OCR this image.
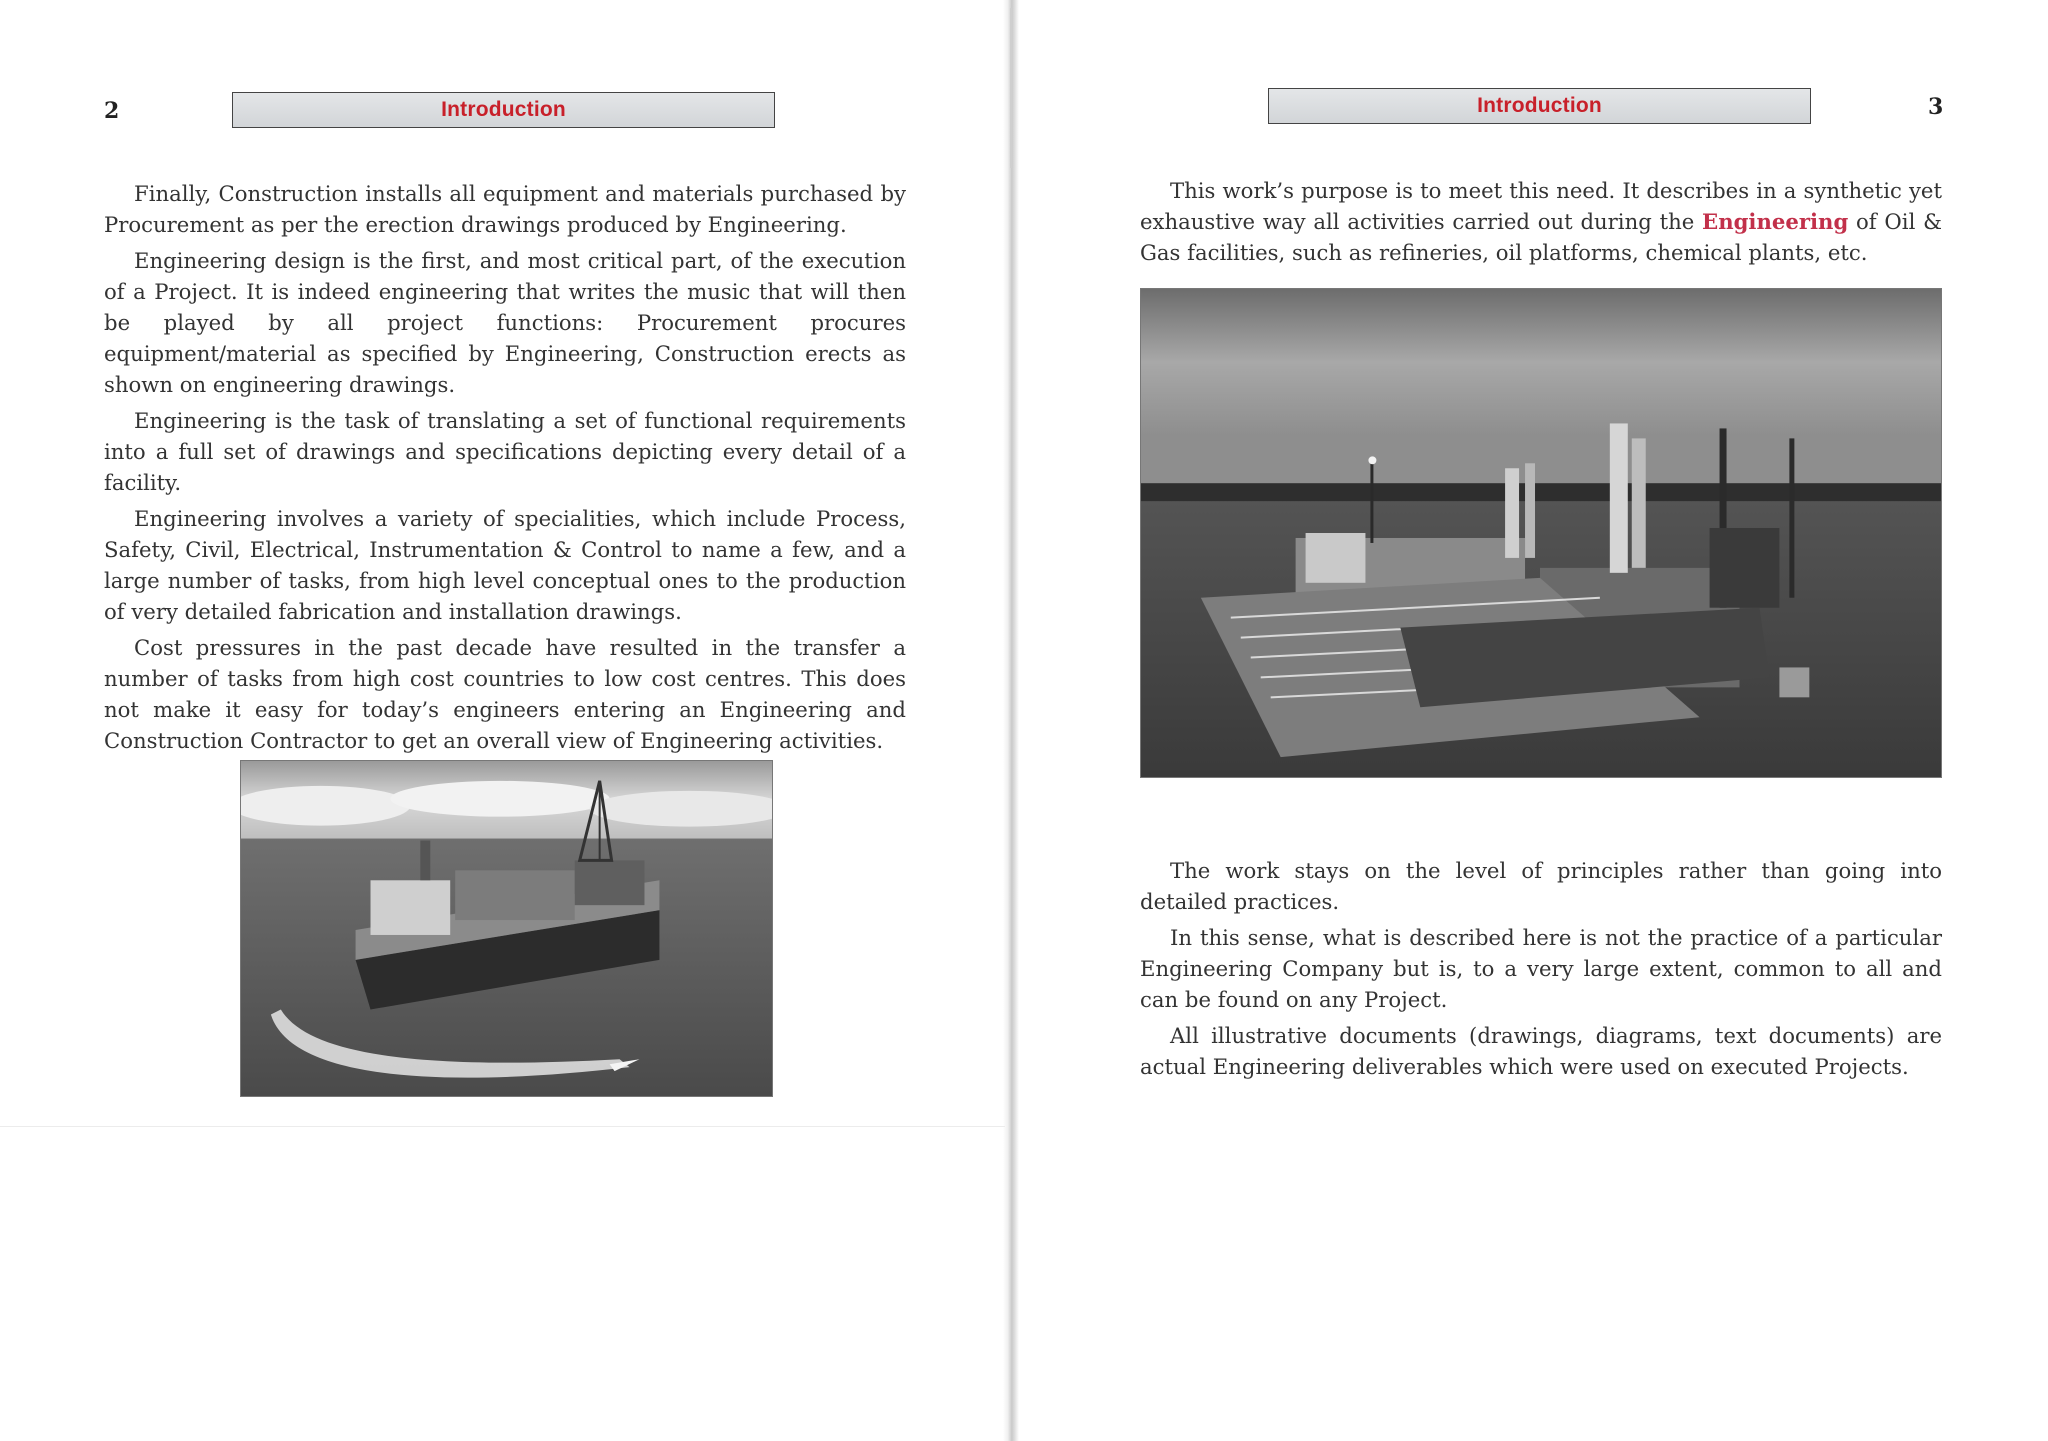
2	Introduction

Finally, Construction installs all equipment and materials purchased by Procurement as per the erection drawings produced by Engineering.

Engineering design is the first, and most critical part, of the execution of a Project. It is indeed engineering that writes the music that will then be played by all project functions: Procurement procures equipment/material as specified by Engineering, Construction erects as shown on engineering drawings.

Engineering is the task of translating a set of functional requirements into a full set of drawings and specifications depicting every detail of a facility.

Engineering involves a variety of specialities, which include Process, Safety, Civil, Electrical, Instrumentation & Control to name a few, and a large number of tasks, from high level conceptual ones to the production of very detailed fabrication and installation drawings.

Cost pressures in the past decade have resulted in the transfer a number of tasks from high cost countries to low cost centres. This does not make it easy for today’s engineers entering an Engineering and Construction Contractor to get an overall view of Engineering activities.

Introduction	3

This work’s purpose is to meet this need. It describes in a synthetic yet exhaustive way all activities carried out during the Engineering of Oil & Gas facilities, such as refineries, oil platforms, chemical plants, etc.

The work stays on the level of principles rather than going into detailed practices.

In this sense, what is described here is not the practice of a particular Engineering Company but is, to a very large extent, common to all and can be found on any Project.

All illustrative documents (drawings, diagrams, text documents) are actual Engineering deliverables which were used on executed Projects.
